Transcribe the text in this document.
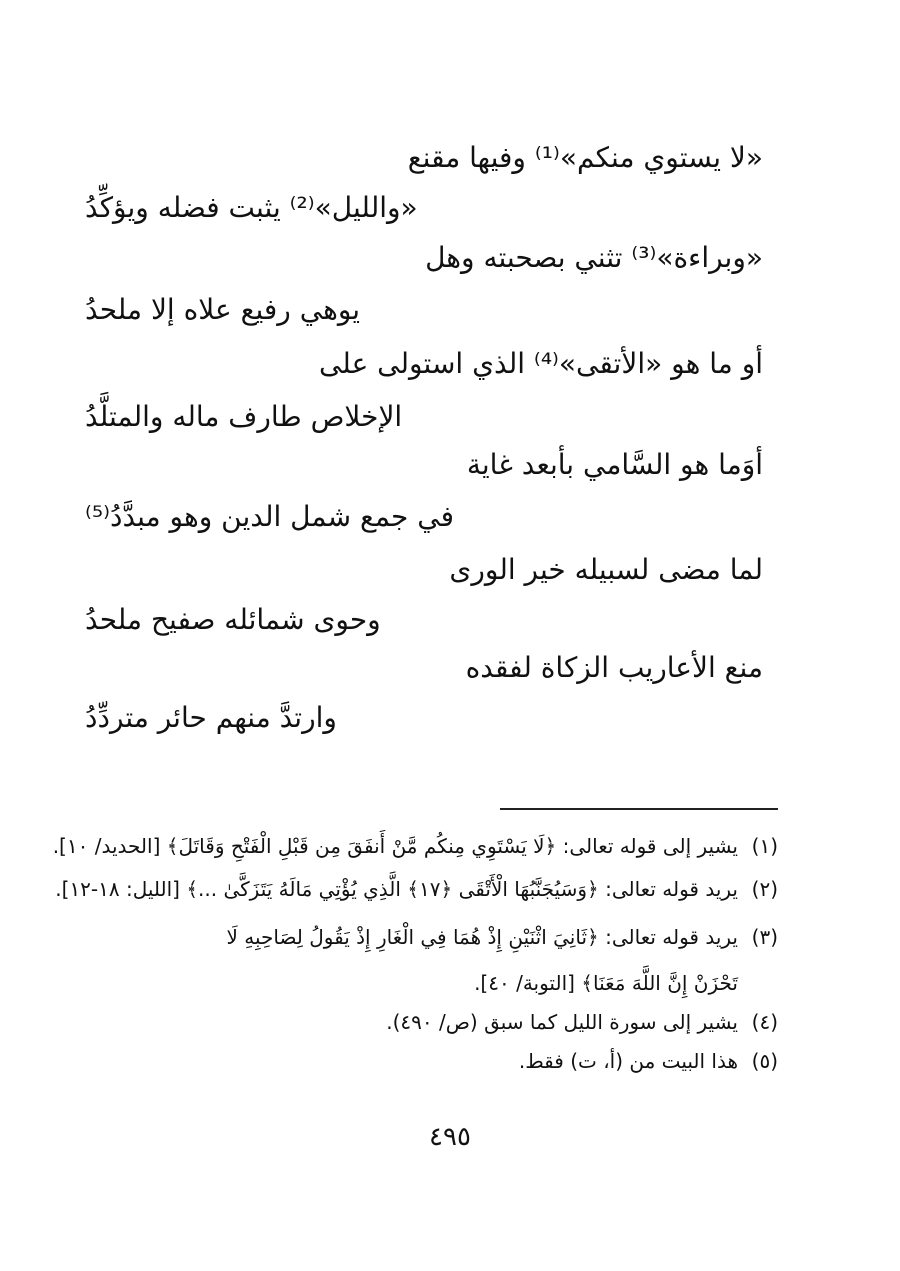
«لا يستوي منكم»⁽¹⁾ وفيها مقنع
«والليل»⁽²⁾ يثبت فضله ويؤكِّدُ
«وبراءة»⁽³⁾ تثني بصحبته وهل
يوهي رفيع علاه إلا ملحدُ
أو ما هو «الأتقى»⁽⁴⁾ الذي استولى على
الإخلاص طارف ماله والمتلَّدُ
أوَما هو السَّامي بأبعد غاية
في جمع شمل الدين وهو مبدَّدُ⁽⁵⁾
لما مضى لسبيله خير الورى
وحوى شمائله صفيح ملحدُ
منع الأعاريب الزكاة لفقده
وارتدَّ منهم حائر متردِّدُ
(١)يشير إلى قوله تعالى: ﴿لَا يَسْتَوِي مِنكُم مَّنْ أَنفَقَ مِن قَبْلِ الْفَتْحِ وَقَاتَلَ﴾ [الحديد/ ١٠].
(٢)يريد قوله تعالى: ﴿وَسَيُجَنَّبُهَا الْأَتْقَى ﴿١٧﴾ الَّذِي يُؤْتِي مَالَهُ يَتَزَكَّىٰ ...﴾ [الليل: ١٨-١٢].
(٣)يريد قوله تعالى: ﴿ثَانِيَ اثْنَيْنِ إِذْ هُمَا فِي الْغَارِ إِذْ يَقُولُ لِصَاحِبِهِ لَا
تَحْزَنْ إِنَّ اللَّهَ مَعَنَا﴾ [التوبة/ ٤٠].
(٤)يشير إلى سورة الليل كما سبق (ص/ ٤٩٠).
(٥)هذا البيت من (أ، ت) فقط.
٤٩٥
